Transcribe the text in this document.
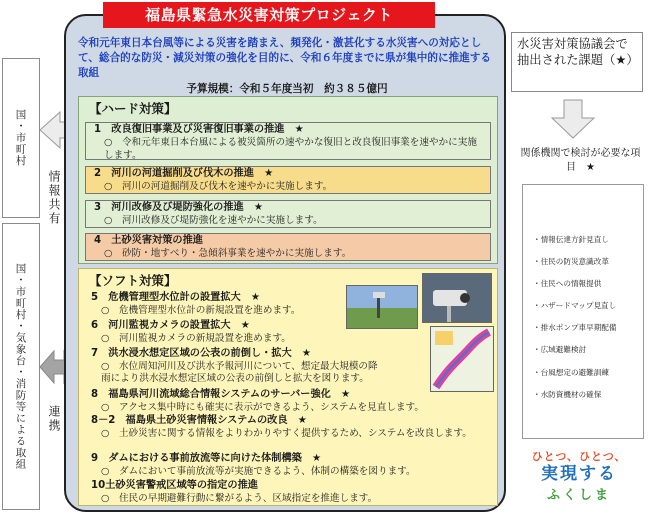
国・市町村
情報共有
国・市町村・気象台・消防等による取組 連携
福島県緊急水災害対策プロジェクト
令和元年東日本台風等による災害を踏まえ、頻発化・激甚化する水災害への対応として、総合的な防災・減災対策の強化を目的に、令和６年度までに県が集中的に推進する取組
予算規模：令和５年度当初　約３８５億円
【ハード対策】
1　改良復旧事業及び災害復旧事業の推進　★
○　令和元年東日本台風による被災箇所の速やかな復旧と改良復旧事業を速やかに実施します。
2　河川の河道掘削及び伐木の推進　★
○　河川の河道掘削及び伐木を速やかに実施します。
3　河川改修及び堤防強化の推進　★
○　河川改修及び堤防強化を速やかに実施します。
4　土砂災害対策の推進
○　砂防・地すべり・急傾斜事業を速やかに実施します。
【ソフト対策】
5　危機管理型水位計の設置拡大　★
○　危機管理型水位計の新規設置を進めます。
6　河川監視カメラの設置拡大　★
○　河川監視カメラの新規設置を進めます。
7　洪水浸水想定区域の公表の前倒し・拡大　★
○　水位周知河川及び洪水予報河川について、想定最大規模の降雨により洪水浸水想定区域の公表の前倒しと拡大を図ります。
8　福島県河川流域総合情報システムのサーバー強化　★
○　アクセス集中時にも確実に表示ができるよう、システムを見直します。
8－2　福島県土砂災害情報システムの改良　★
○　土砂災害に関する情報をよりわかりやすく提供するため、システムを改良します。
9　ダムにおける事前放流等に向けた体制構築　★
○　ダムにおいて事前放流等が実施できるよう、体制の構築を図ります。
10土砂災害警戒区域等の指定の推進
○　住民の早期避難行動に繋がるよう、区域指定を推進します。
水災害対策協議会で抽出された課題（★）
関係機関で検討が必要な項目　★
・情報伝達方針見直し
・住民の防災意識改革
・住民への情報提供
・ハザードマップ見直し
・排水ポンプ車早期配備
・広域避難検討
・台風想定の避難訓練
・水防資機材の確保
ひとつ、ひとつ、
実現する
ふくしま
